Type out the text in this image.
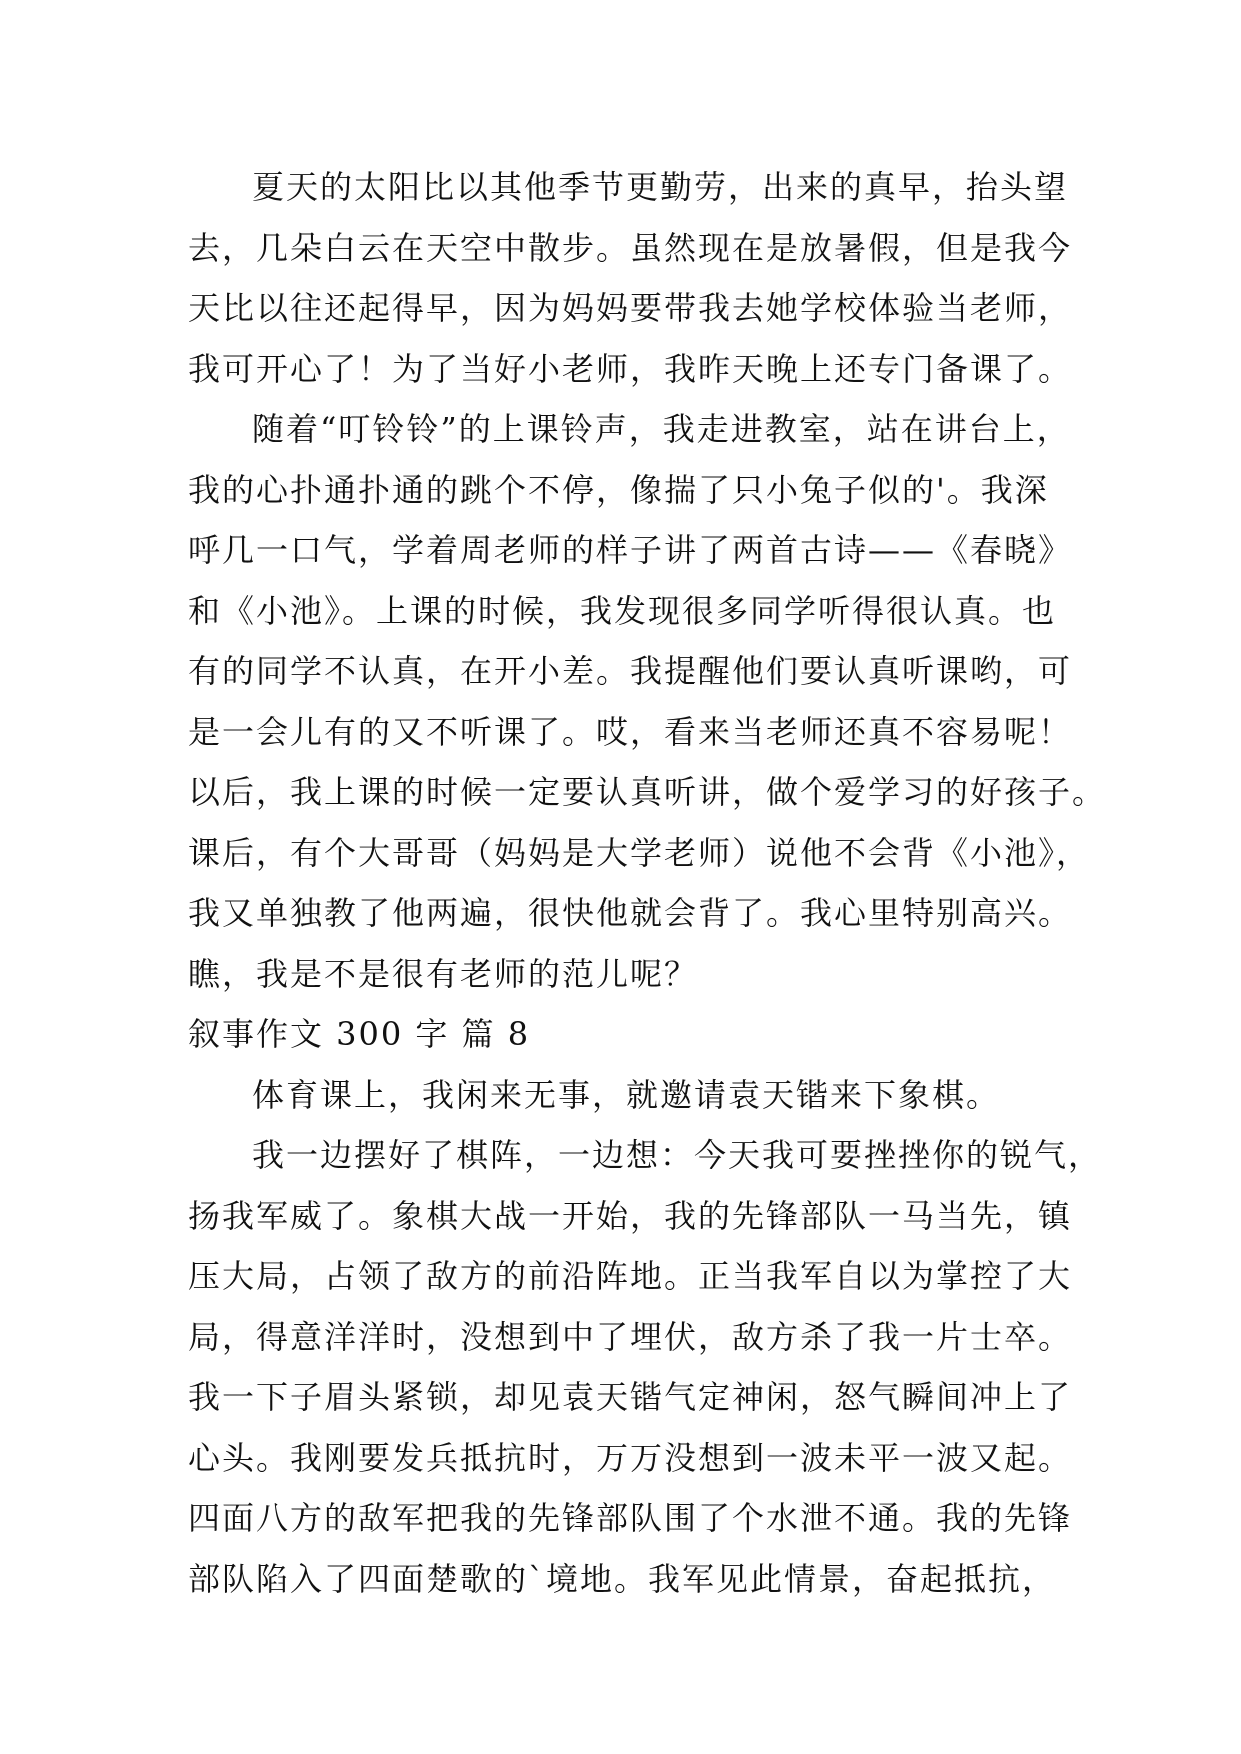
夏天的太阳比以其他季节更勤劳，出来的真早，抬头望
去，几朵白云在天空中散步。虽然现在是放暑假，但是我今
天比以往还起得早，因为妈妈要带我去她学校体验当老师，
我可开心了！为了当好小老师，我昨天晚上还专门备课了。
随着“叮铃铃”的上课铃声，我走进教室，站在讲台上，
我的心扑通扑通的跳个不停，像揣了只小兔子似的'。我深
呼几一口气，学着周老师的样子讲了两首古诗——《春晓》
和《小池》。上课的时候，我发现很多同学听得很认真。也
有的同学不认真，在开小差。我提醒他们要认真听课哟，可
是一会儿有的又不听课了。哎，看来当老师还真不容易呢！
以后，我上课的时候一定要认真听讲，做个爱学习的好孩子。
课后，有个大哥哥（妈妈是大学老师）说他不会背《小池》，
我又单独教了他两遍，很快他就会背了。我心里特别高兴。
瞧，我是不是很有老师的范儿呢？
叙事作文 300 字 篇 8
体育课上，我闲来无事，就邀请袁天锴来下象棋。
我一边摆好了棋阵，一边想：今天我可要挫挫你的锐气，
扬我军威了。象棋大战一开始，我的先锋部队一马当先，镇
压大局，占领了敌方的前沿阵地。正当我军自以为掌控了大
局，得意洋洋时，没想到中了埋伏，敌方杀了我一片士卒。
我一下子眉头紧锁，却见袁天锴气定神闲，怒气瞬间冲上了
心头。我刚要发兵抵抗时，万万没想到一波未平一波又起。
四面八方的敌军把我的先锋部队围了个水泄不通。我的先锋
部队陷入了四面楚歌的`境地。我军见此情景，奋起抵抗，
